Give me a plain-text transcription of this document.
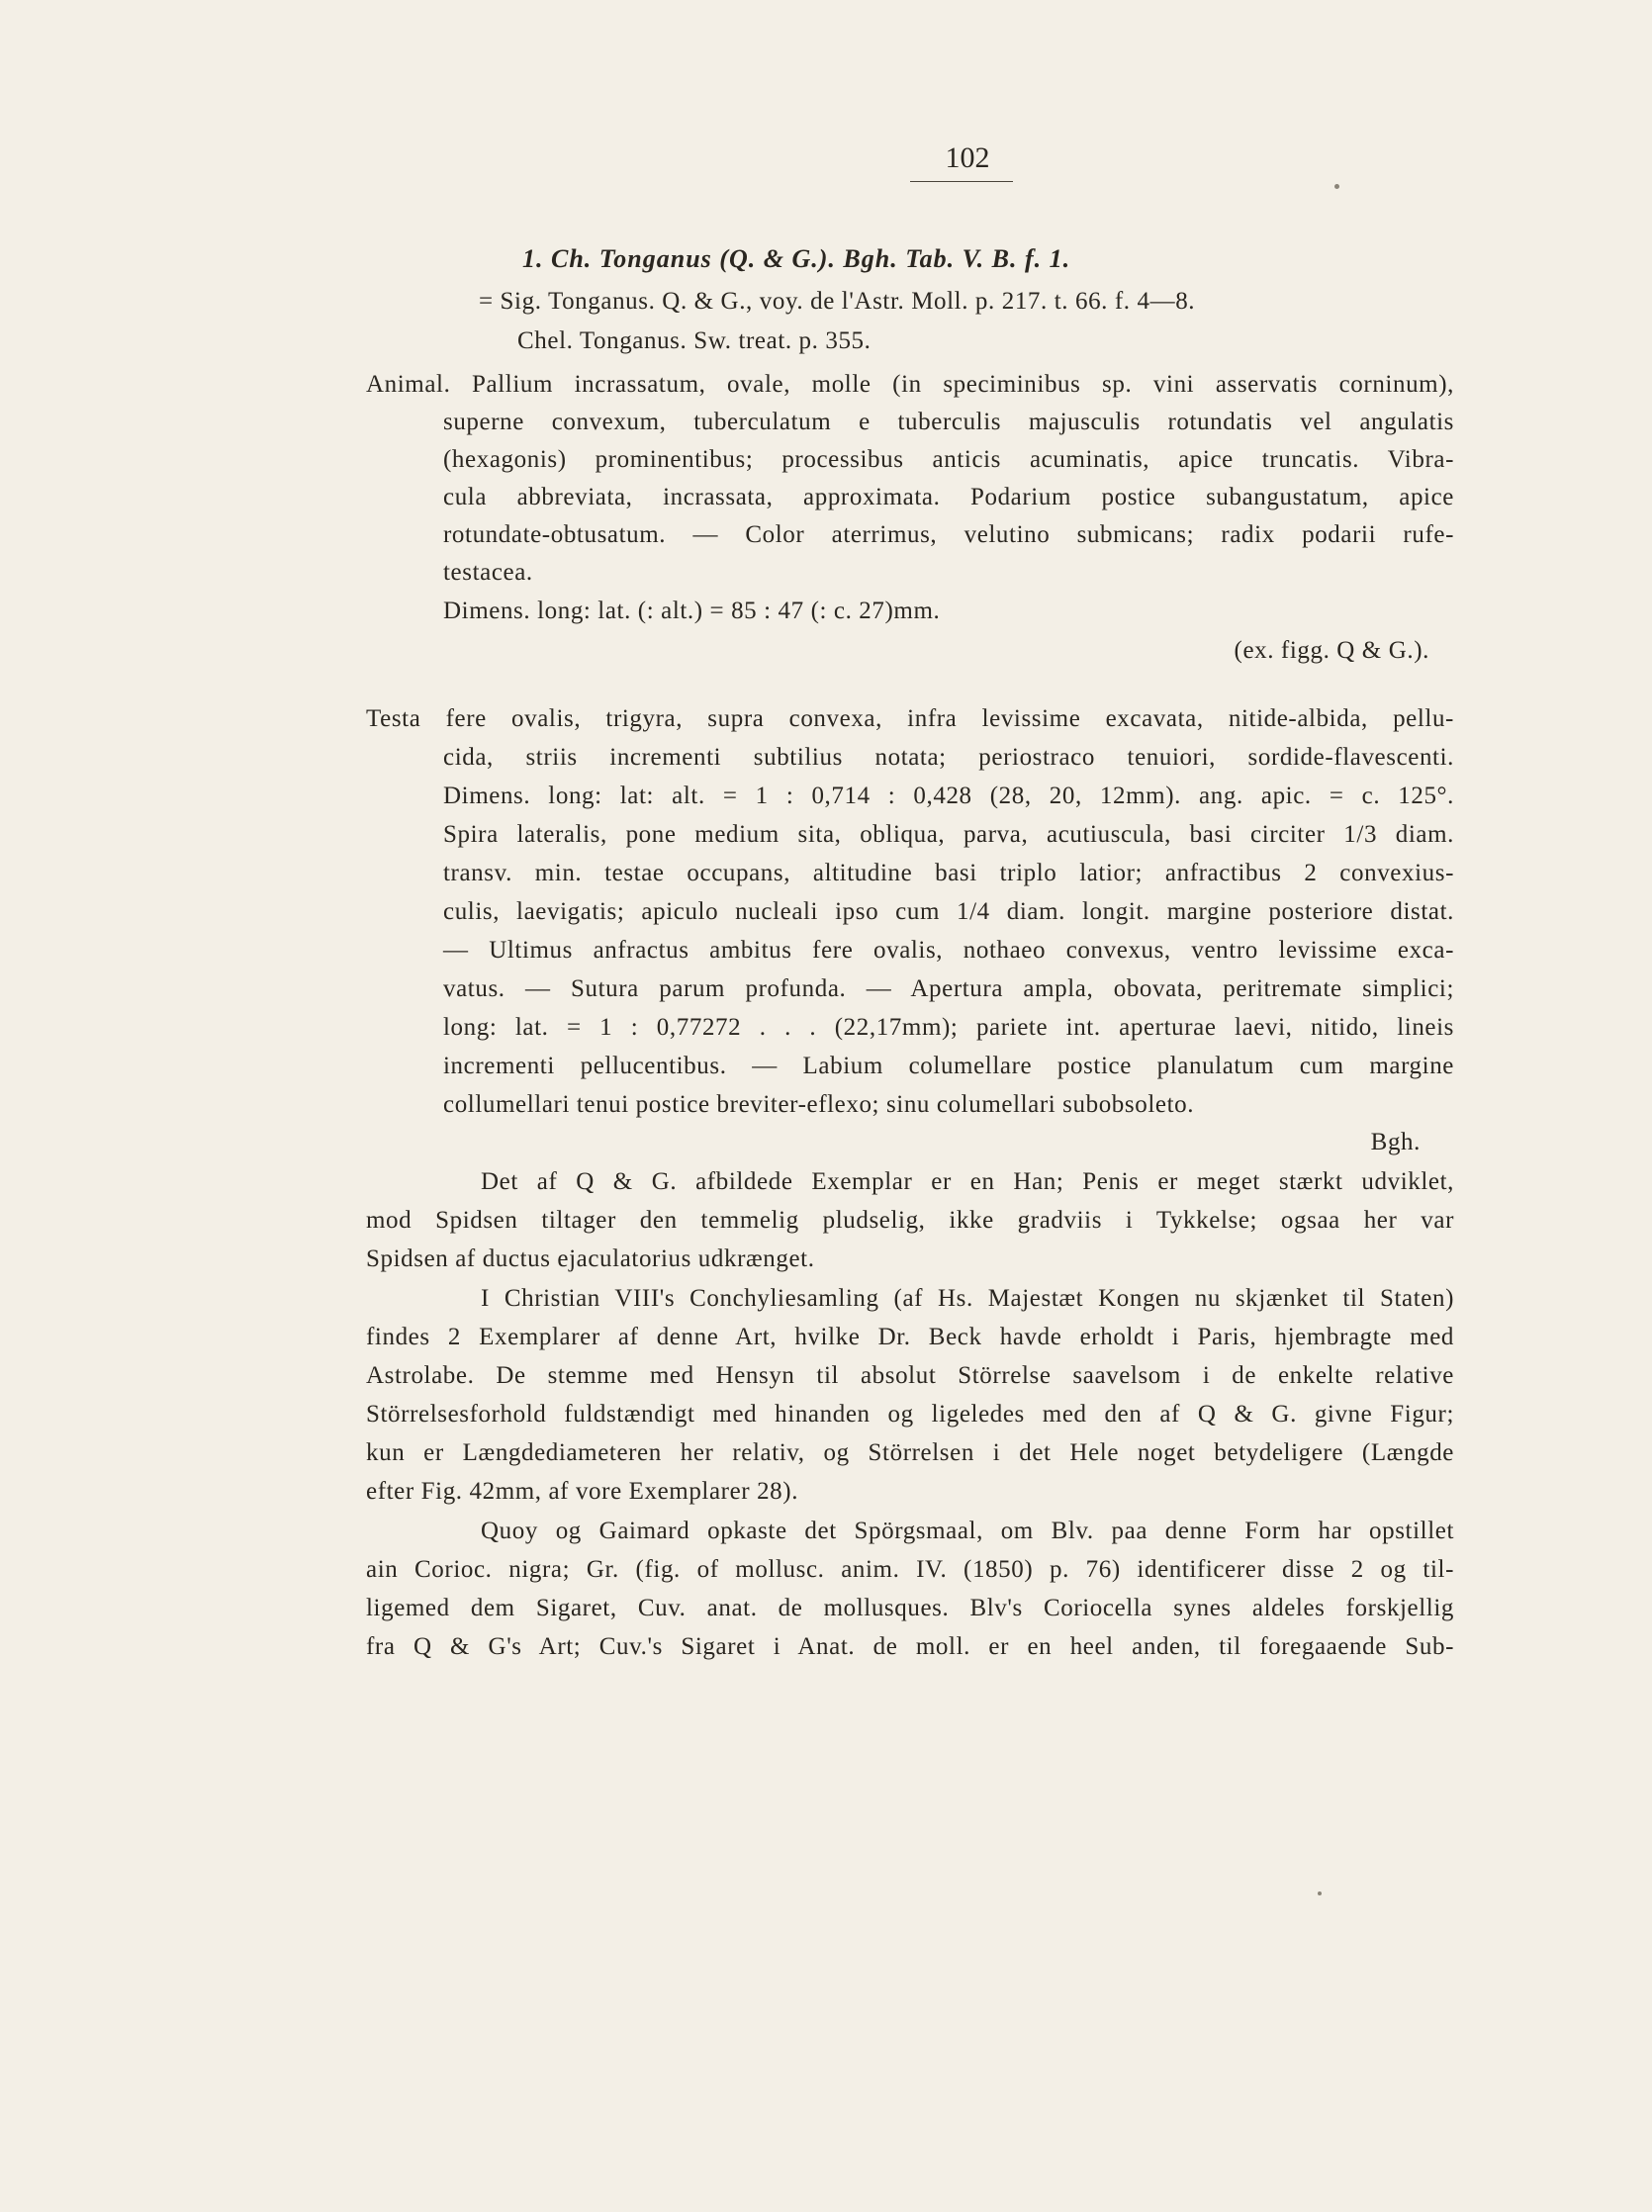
102
1. Ch. Tonganus (Q. & G.). Bgh. Tab. V. B. f. 1.
= Sig. Tonganus. Q. & G., voy. de l'Astr. Moll. p. 217. t. 66. f. 4—8.
Chel. Tonganus. Sw. treat. p. 355.
Animal. Pallium incrassatum, ovale, molle (in speciminibus sp. vini asservatis corninum),
superne convexum, tuberculatum e tuberculis majusculis rotundatis vel angulatis
(hexagonis) prominentibus; processibus anticis acuminatis, apice truncatis. Vibra-
cula abbreviata, incrassata, approximata. Podarium postice subangustatum, apice
rotundate-obtusatum. — Color aterrimus, velutino submicans; radix podarii rufe-
testacea.
Dimens. long: lat. (: alt.) = 85 : 47 (: c. 27)mm.
(ex. figg. Q & G.).
Testa fere ovalis, trigyra, supra convexa, infra levissime excavata, nitide-albida, pellu-
cida, striis incrementi subtilius notata; periostraco tenuiori, sordide-flavescenti.
Dimens. long: lat: alt. = 1 : 0,714 : 0,428 (28, 20, 12mm). ang. apic. = c. 125°.
Spira lateralis, pone medium sita, obliqua, parva, acutiuscula, basi circiter 1/3 diam.
transv. min. testae occupans, altitudine basi triplo latior; anfractibus 2 convexius-
culis, laevigatis; apiculo nucleali ipso cum 1/4 diam. longit. margine posteriore distat.
— Ultimus anfractus ambitus fere ovalis, nothaeo convexus, ventro levissime exca-
vatus. — Sutura parum profunda. — Apertura ampla, obovata, peritremate simplici;
long: lat. = 1 : 0,77272 . . . (22,17mm); pariete int. aperturae laevi, nitido, lineis
incrementi pellucentibus. — Labium columellare postice planulatum cum margine
collumellari tenui postice breviter-eflexo; sinu columellari subobsoleto.
Bgh.
Det af Q & G. afbildede Exemplar er en Han; Penis er meget stærkt udviklet,
mod Spidsen tiltager den temmelig pludselig, ikke gradviis i Tykkelse; ogsaa her var
Spidsen af ductus ejaculatorius udkrænget.
I Christian VIII's Conchyliesamling (af Hs. Majestæt Kongen nu skjænket til Staten)
findes 2 Exemplarer af denne Art, hvilke Dr. Beck havde erholdt i Paris, hjembragte med
Astrolabe. De stemme med Hensyn til absolut Störrelse saavelsom i de enkelte relative
Störrelsesforhold fuldstændigt med hinanden og ligeledes med den af Q & G. givne Figur;
kun er Længdediameteren her relativ, og Störrelsen i det Hele noget betydeligere (Længde
efter Fig. 42mm, af vore Exemplarer 28).
Quoy og Gaimard opkaste det Spörgsmaal, om Blv. paa denne Form har opstillet
ain Corioc. nigra; Gr. (fig. of mollusc. anim. IV. (1850) p. 76) identificerer disse 2 og til-
ligemed dem Sigaret, Cuv. anat. de mollusques. Blv's Coriocella synes aldeles forskjellig
fra Q & G's Art; Cuv.'s Sigaret i Anat. de moll. er en heel anden, til foregaaende Sub-
